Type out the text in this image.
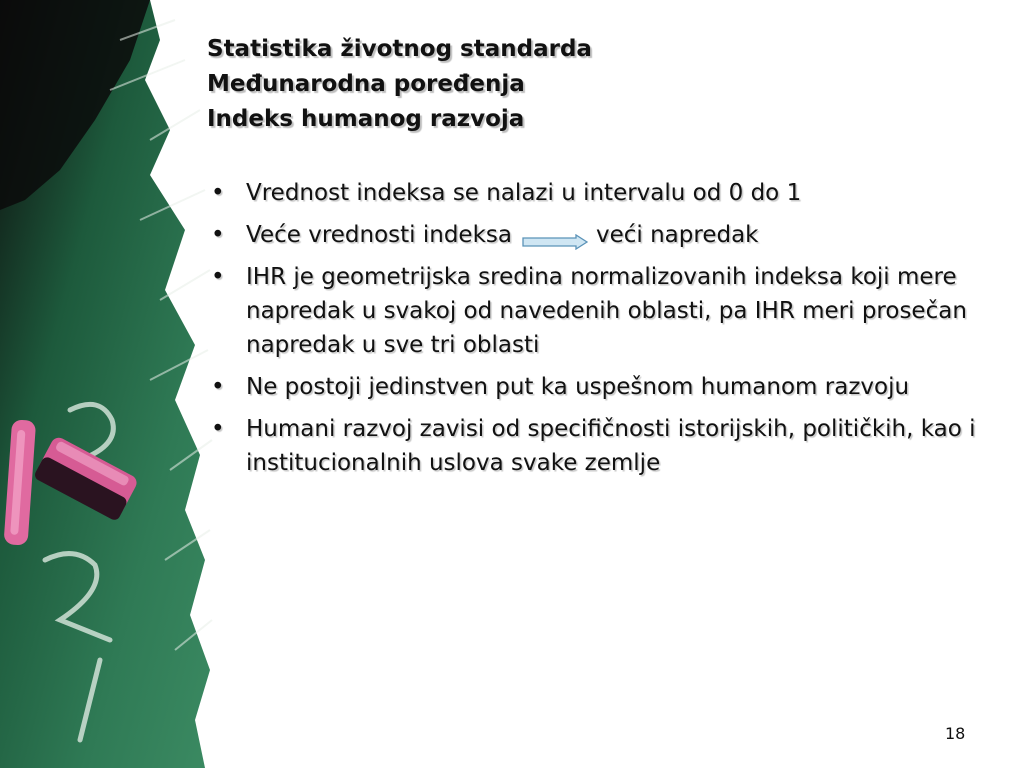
Statistika životnog standarda
Međunarodna poređenja
Indeks humanog razvoja
• Vrednost indeksa se nalazi u intervalu od 0 do 1
• Veće vrednosti indeksa	veći napredak
• IHR je geometrijska sredina normalizovanih indeksa koji mere napredak u svakoj od navedenih oblasti, pa IHR meri prosečan napredak u sve tri oblasti
• Ne postoji jedinstven put ka uspešnom humanom razvoju
• Humani razvoj zavisi od specifičnosti istorijskih, političkih, kao i institucionalnih uslova svake zemlje
18
